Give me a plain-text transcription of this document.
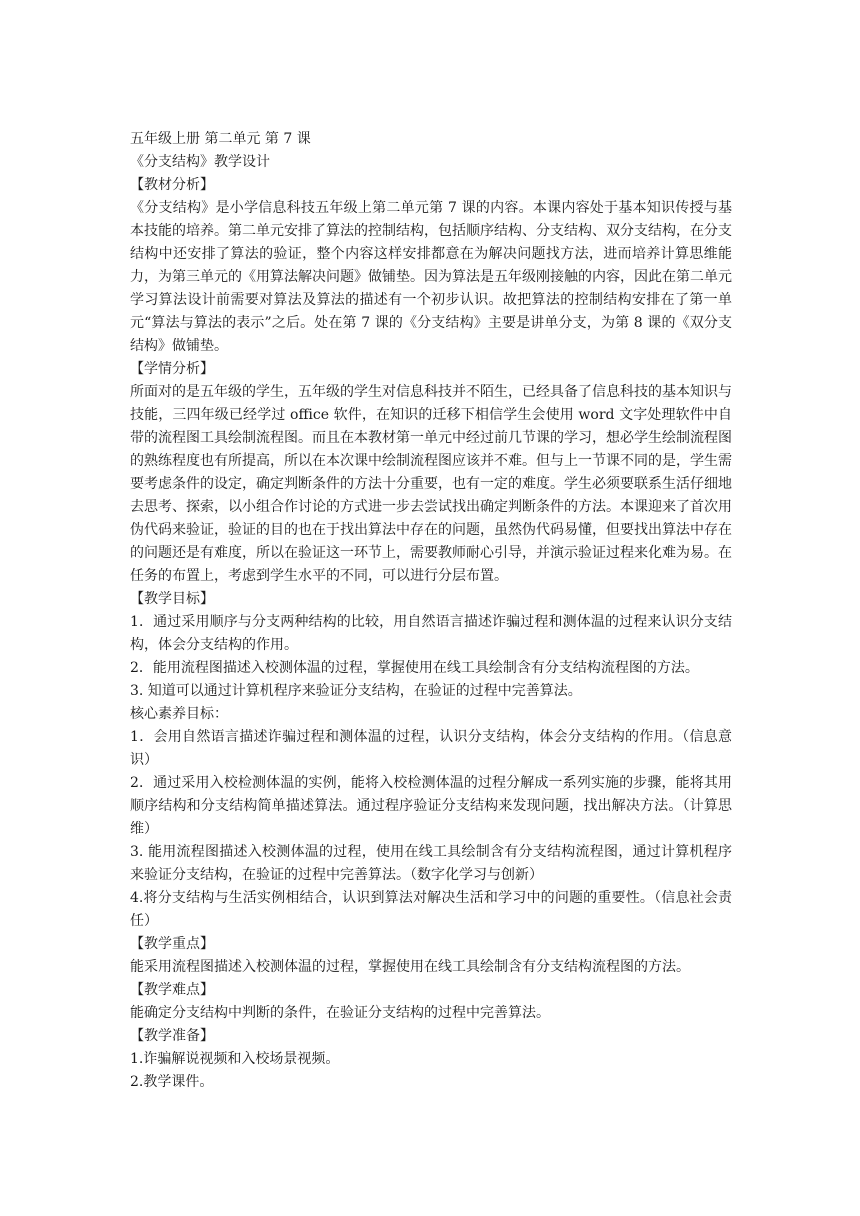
五年级上册 第二单元 第 7 课

《分支结构》教学设计

【教材分析】

《分支结构》是小学信息科技五年级上第二单元第 7 课的内容。本课内容处于基本知识传授与基本技能的培养。第二单元安排了算法的控制结构，包括顺序结构、分支结构、双分支结构，在分支结构中还安排了算法的验证，整个内容这样安排都意在为解决问题找方法，进而培养计算思维能力，为第三单元的《用算法解决问题》做铺垫。因为算法是五年级刚接触的内容，因此在第二单元学习算法设计前需要对算法及算法的描述有一个初步认识。故把算法的控制结构安排在了第一单元“算法与算法的表示”之后。处在第 7 课的《分支结构》主要是讲单分支，为第 8 课的《双分支结构》做铺垫。

【学情分析】

所面对的是五年级的学生，五年级的学生对信息科技并不陌生，已经具备了信息科技的基本知识与技能，三四年级已经学过 office 软件，在知识的迁移下相信学生会使用 word 文字处理软件中自带的流程图工具绘制流程图。而且在本教材第一单元中经过前几节课的学习，想必学生绘制流程图的熟练程度也有所提高，所以在本次课中绘制流程图应该并不难。但与上一节课不同的是，学生需要考虑条件的设定，确定判断条件的方法十分重要，也有一定的难度。学生必须要联系生活仔细地去思考、探索，以小组合作讨论的方式进一步去尝试找出确定判断条件的方法。本课迎来了首次用伪代码来验证，验证的目的也在于找出算法中存在的问题，虽然伪代码易懂，但要找出算法中存在的问题还是有难度，所以在验证这一环节上，需要教师耐心引导，并演示验证过程来化难为易。在任务的布置上，考虑到学生水平的不同，可以进行分层布置。

【教学目标】

1．通过采用顺序与分支两种结构的比较，用自然语言描述诈骗过程和测体温的过程来认识分支结构，体会分支结构的作用。

2．能用流程图描述入校测体温的过程，掌握使用在线工具绘制含有分支结构流程图的方法。

3. 知道可以通过计算机程序来验证分支结构，在验证的过程中完善算法。

核心素养目标：

1．会用自然语言描述诈骗过程和测体温的过程，认识分支结构，体会分支结构的作用。（信息意识）

2．通过采用入校检测体温的实例，能将入校检测体温的过程分解成一系列实施的步骤，能将其用顺序结构和分支结构简单描述算法。通过程序验证分支结构来发现问题，找出解决方法。（计算思维）

3. 能用流程图描述入校测体温的过程，使用在线工具绘制含有分支结构流程图，通过计算机程序来验证分支结构，在验证的过程中完善算法。（数字化学习与创新）

4.将分支结构与生活实例相结合，认识到算法对解决生活和学习中的问题的重要性。（信息社会责任）

【教学重点】

能采用流程图描述入校测体温的过程，掌握使用在线工具绘制含有分支结构流程图的方法。

【教学难点】

能确定分支结构中判断的条件，在验证分支结构的过程中完善算法。

【教学准备】

1.诈骗解说视频和入校场景视频。

2.教学课件。
